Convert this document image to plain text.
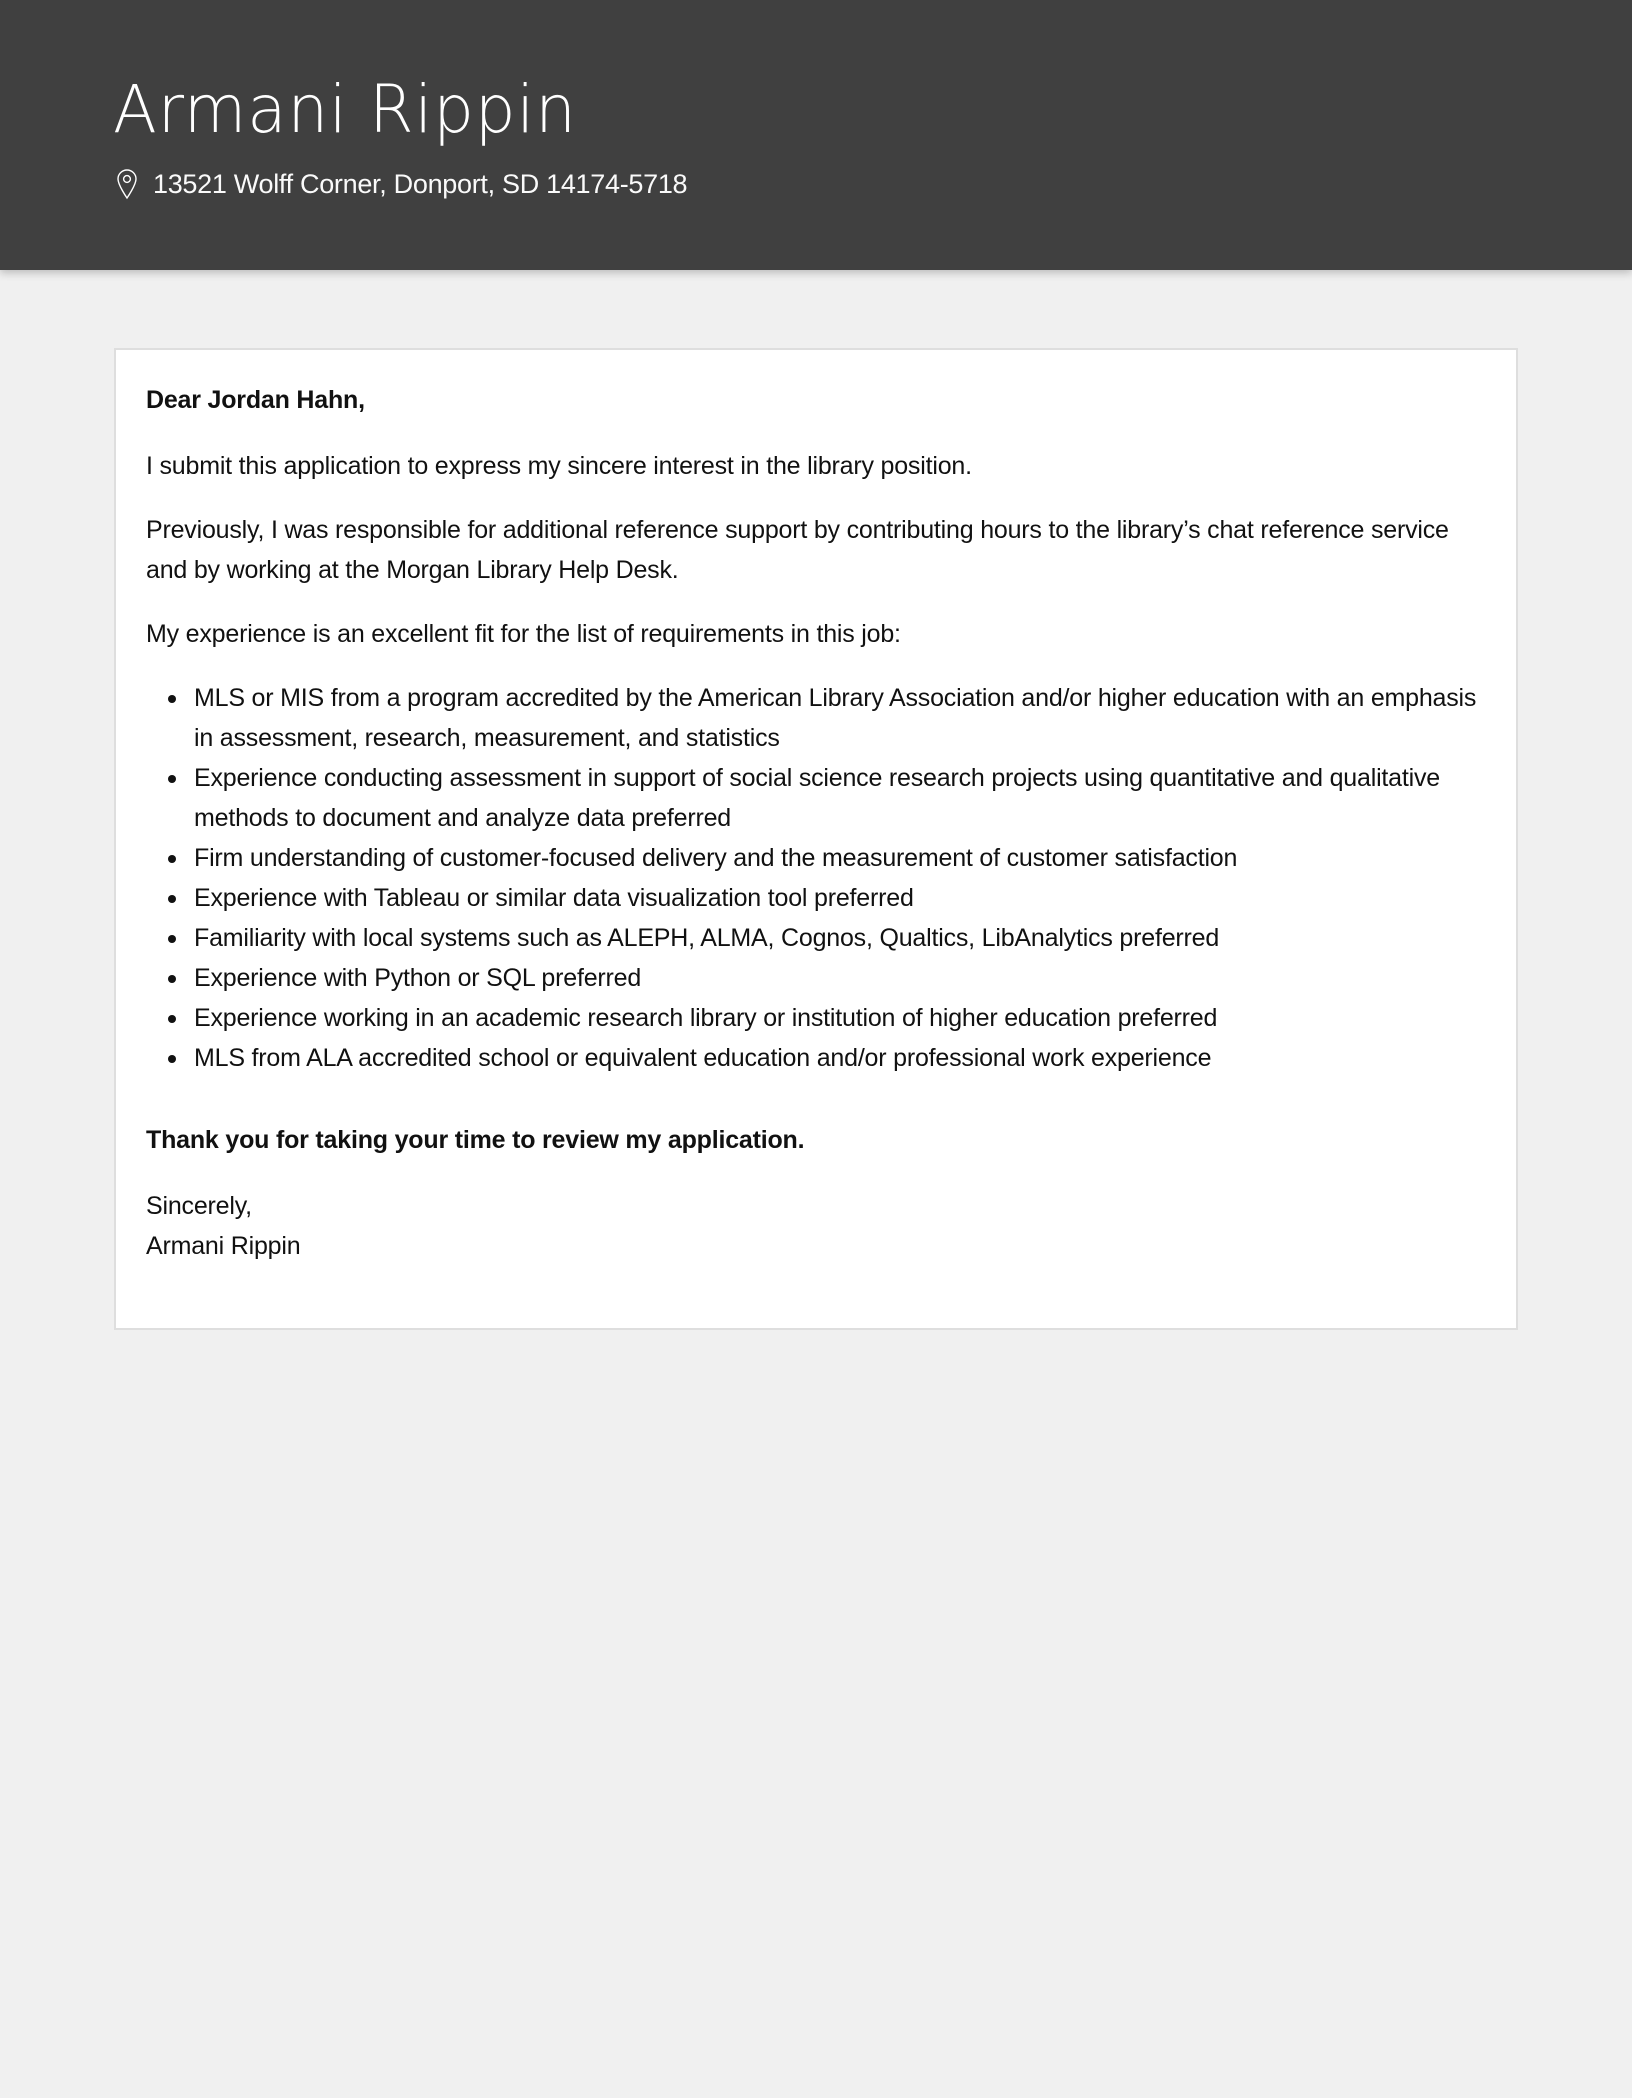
Armani Rippin
13521 Wolff Corner, Donport, SD 14174-5718

Dear Jordan Hahn,

I submit this application to express my sincere interest in the library position.

Previously, I was responsible for additional reference support by contributing hours to the library’s chat reference service and by working at the Morgan Library Help Desk.

My experience is an excellent fit for the list of requirements in this job:

MLS or MIS from a program accredited by the American Library Association and/or higher education with an emphasis in assessment, research, measurement, and statistics
Experience conducting assessment in support of social science research projects using quantitative and qualitative methods to document and analyze data preferred
Firm understanding of customer-focused delivery and the measurement of customer satisfaction
Experience with Tableau or similar data visualization tool preferred
Familiarity with local systems such as ALEPH, ALMA, Cognos, Qualtics, LibAnalytics preferred
Experience with Python or SQL preferred
Experience working in an academic research library or institution of higher education preferred
MLS from ALA accredited school or equivalent education and/or professional work experience

Thank you for taking your time to review my application.

Sincerely,

Armani Rippin
